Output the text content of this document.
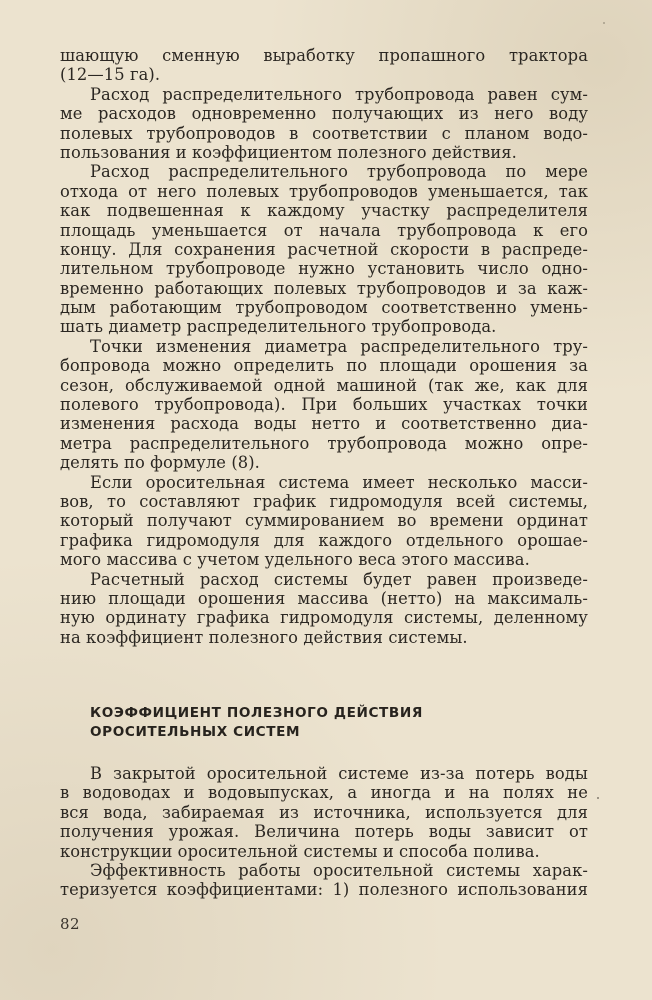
шающую сменную выработку пропашного трактора
(12—15 га).
Расход распределительного трубопровода равен сум-
ме расходов одновременно получающих из него воду
полевых трубопроводов в соответствии с планом водо-
пользования и коэффициентом полезного действия.
Расход распределительного трубопровода по мере
отхода от него полевых трубопроводов уменьшается, так
как подвешенная к каждому участку распределителя
площадь уменьшается от начала трубопровода к его
концу. Для сохранения расчетной скорости в распреде-
лительном трубопроводе нужно установить число одно-
временно работающих полевых трубопроводов и за каж-
дым работающим трубопроводом соответственно умень-
шать диаметр распределительного трубопровода.
Точки изменения диаметра распределительного тру-
бопровода можно определить по площади орошения за
сезон, обслуживаемой одной машиной (так же, как для
полевого трубопровода). При больших участках точки
изменения расхода воды нетто и соответственно диа-
метра распределительного трубопровода можно опре-
делять по формуле (8).
Если оросительная система имеет несколько масси-
вов, то составляют график гидромодуля всей системы,
который получают суммированием во времени ординат
графика гидромодуля для каждого отдельного орошае-
мого массива с учетом удельного веса этого массива.
Расчетный расход системы будет равен произведе-
нию площади орошения массива (нетто) на максималь-
ную ординату графика гидромодуля системы, деленному
на коэффициент полезного действия системы.
КОЭФФИЦИЕНТ ПОЛЕЗНОГО ДЕЙСТВИЯ
ОРОСИТЕЛЬНЫХ СИСТЕМ
В закрытой оросительной системе из-за потерь воды
в водоводах и водовыпусках, а иногда и на полях не
вся вода, забираемая из источника, используется для
получения урожая. Величина потерь воды зависит от
конструкции оросительной системы и способа полива.
Эффективность работы оросительной системы харак-
теризуется коэффициентами: 1) полезного использования
82
